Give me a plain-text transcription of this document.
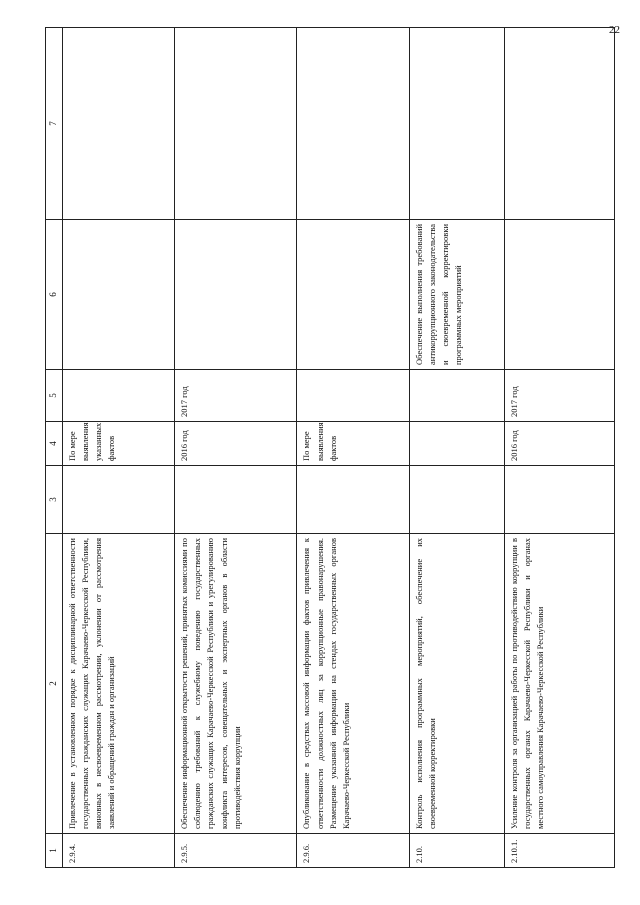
22
1	2	3	4	5	6	7
2.9.4.	Привлечение в установленном порядке к дисциплинарной ответственности государственных гражданских служащих Карачаево-Черкесской Республики, виновных в несвоевременном рассмотрении, уклонении от рассмотрения заявлений и обращений граждан и организаций		По мере выявления указанных фактов			
2.9.5.	Обеспечение информационной открытости решений, принятых комиссиями по соблюдению требований к служебному поведению государственных гражданских служащих Карачаево-Черкесской Республики и урегулированию конфликта интересов, совещательных и экспертных органов в области противодействия коррупции		2016 год	2017 год		
2.9.6.	Опубликование в средствах массовой информации фактов привлечения к ответственности должностных лиц за коррупционные правонарушения. Размещение указанной информации на стендах государственных органов Карачаево-Черкесской Республики		По мере выявления фактов			
2.10.	Контроль исполнения программных мероприятий, обеспечение их своевременной корректировки				Обеспечение выполнения требований антикоррупционного законодательства и своевременной корректировки программных мероприятий	
2.10.1.	Усиление контроля за организацией работы по противодействию коррупции в государственных органах Карачаево-Черкесской Республики и органах местного самоуправления Карачаево-Черкесской Республики		2016 год	2017 год		
